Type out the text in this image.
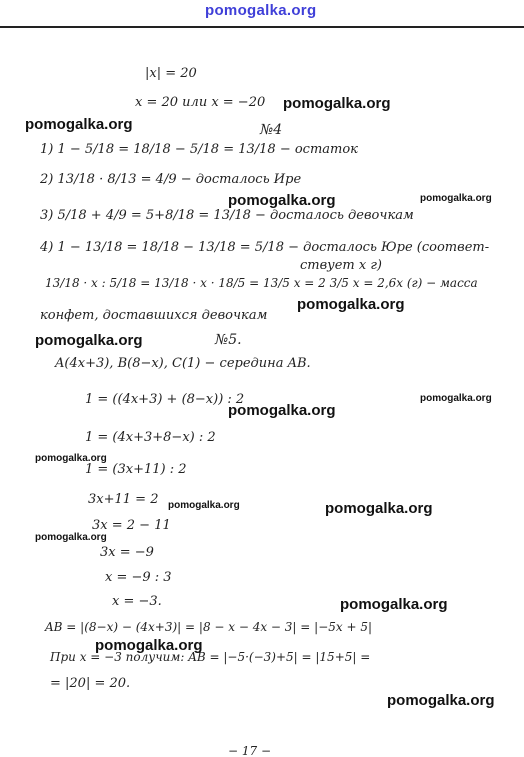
pomogalka.org
|x| = 20
x = 20 или x = −20
№4
1) 1 − 5/18 = 18/18 − 5/18 = 13/18 − остаток
2) 13/18 · 8/13 = 4/9 − досталось Ире
3) 5/18 + 4/9 = 5+8/18 = 13/18 − досталось девочкам
4) 1 − 13/18 = 18/18 − 13/18 = 5/18 − досталось Юре (соответ-
ствует x г)
13/18 · x : 5/18 = 13/18 · x · 18/5 = 13/5 x = 2 3/5 x = 2,6x (г) − масса
конфет, доставшихся девочкам
№5.
A(4x+3), B(8−x), C(1) − середина AB.
1 = ((4x+3) + (8−x)) : 2
1 = (4x+3+8−x) : 2
1 = (3x+11) : 2
3x+11 = 2
3x = 2 − 11
3x = −9
x = −9 : 3
x = −3.
AB = |(8−x) − (4x+3)| = |8 − x − 4x − 3| = |−5x + 5|
При x = −3 получим: AB = |−5·(−3)+5| = |15+5| =
= |20| = 20.
− 17 −
pomogalka.org
pomogalka.org
pomogalka.org	pomogalka.org
pomogalka.org
pomogalka.org
pomogalka.org
pomogalka.org
pomogalka.org
pomogalka.org	pomogalka.org
pomogalka.org
pomogalka.org
pomogalka.org
pomogalka.org
